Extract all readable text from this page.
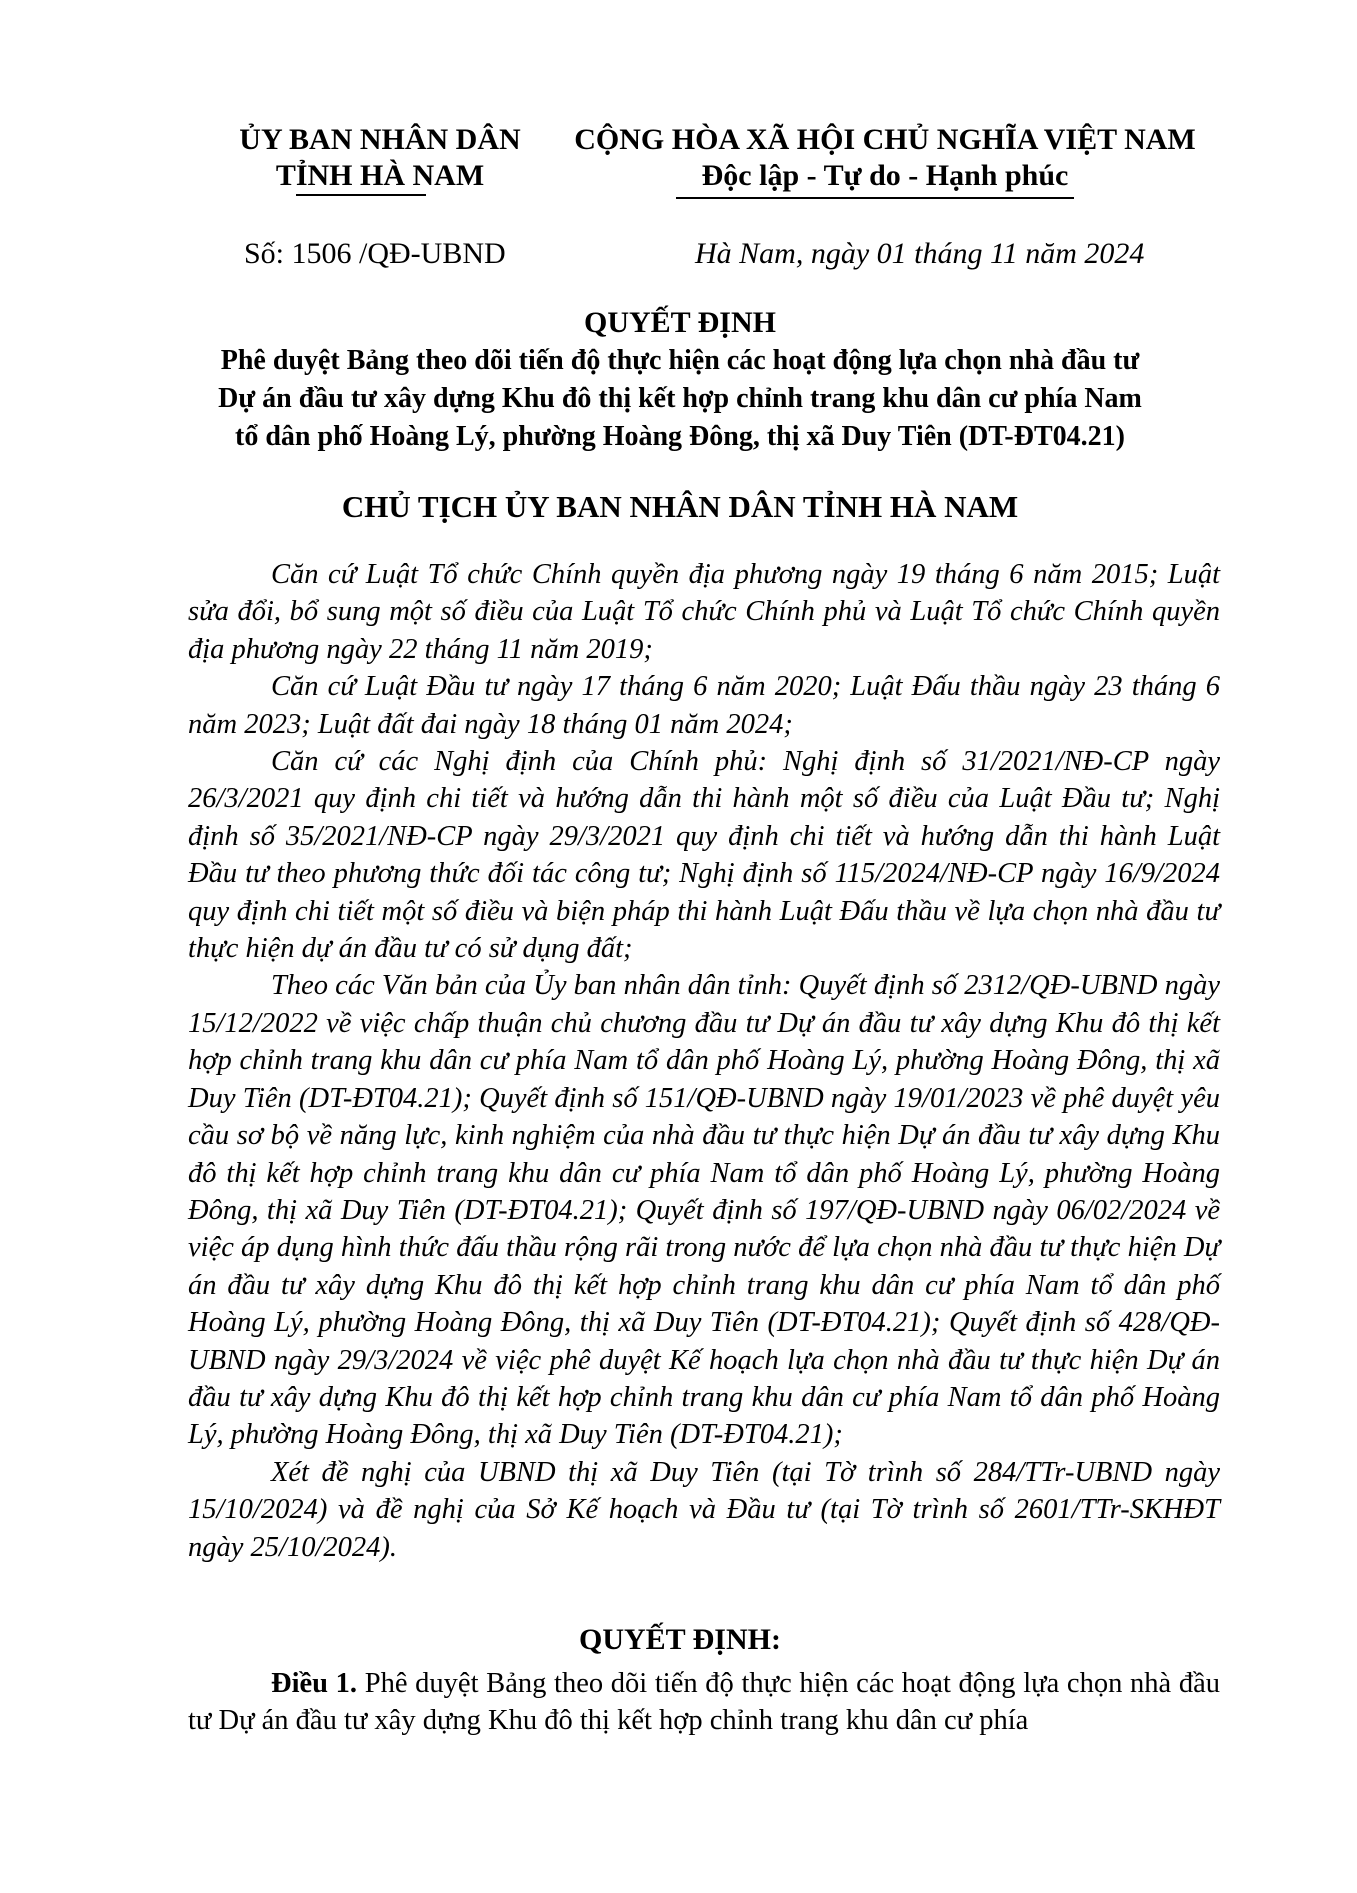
ỦY BAN NHÂN DÂN
TỈNH HÀ NAM
CỘNG HÒA XÃ HỘI CHỦ NGHĨA VIỆT NAM
Độc lập - Tự do - Hạnh phúc
Số: 1506 /QĐ-UBND	Hà Nam, ngày 01 tháng 11 năm 2024
QUYẾT ĐỊNH
Phê duyệt Bảng theo dõi tiến độ thực hiện các hoạt động lựa chọn nhà đầu tư
Dự án đầu tư xây dựng Khu đô thị kết hợp chỉnh trang khu dân cư phía Nam
tổ dân phố Hoàng Lý, phường Hoàng Đông, thị xã Duy Tiên (DT-ĐT04.21)
CHỦ TỊCH ỦY BAN NHÂN DÂN TỈNH HÀ NAM

Căn cứ Luật Tổ chức Chính quyền địa phương ngày 19 tháng 6 năm 2015; Luật sửa đổi, bổ sung một số điều của Luật Tổ chức Chính phủ và Luật Tổ chức Chính quyền địa phương ngày 22 tháng 11 năm 2019;

Căn cứ Luật Đầu tư ngày 17 tháng 6 năm 2020; Luật Đấu thầu ngày 23 tháng 6 năm 2023; Luật đất đai ngày 18 tháng 01 năm 2024;

Căn cứ các Nghị định của Chính phủ: Nghị định số 31/2021/NĐ-CP ngày 26/3/2021 quy định chi tiết và hướng dẫn thi hành một số điều của Luật Đầu tư; Nghị định số 35/2021/NĐ-CP ngày 29/3/2021 quy định chi tiết và hướng dẫn thi hành Luật Đầu tư theo phương thức đối tác công tư; Nghị định số 115/2024/NĐ-CP ngày 16/9/2024 quy định chi tiết một số điều và biện pháp thi hành Luật Đấu thầu về lựa chọn nhà đầu tư thực hiện dự án đầu tư có sử dụng đất;

Theo các Văn bản của Ủy ban nhân dân tỉnh: Quyết định số 2312/QĐ-UBND ngày 15/12/2022 về việc chấp thuận chủ chương đầu tư Dự án đầu tư xây dựng Khu đô thị kết hợp chỉnh trang khu dân cư phía Nam tổ dân phố Hoàng Lý, phường Hoàng Đông, thị xã Duy Tiên (DT-ĐT04.21); Quyết định số 151/QĐ-UBND ngày 19/01/2023 về phê duyệt yêu cầu sơ bộ về năng lực, kinh nghiệm của nhà đầu tư thực hiện Dự án đầu tư xây dựng Khu đô thị kết hợp chỉnh trang khu dân cư phía Nam tổ dân phố Hoàng Lý, phường Hoàng Đông, thị xã Duy Tiên (DT-ĐT04.21); Quyết định số 197/QĐ-UBND ngày 06/02/2024 về việc áp dụng hình thức đấu thầu rộng rãi trong nước để lựa chọn nhà đầu tư thực hiện Dự án đầu tư xây dựng Khu đô thị kết hợp chỉnh trang khu dân cư phía Nam tổ dân phố Hoàng Lý, phường Hoàng Đông, thị xã Duy Tiên (DT-ĐT04.21); Quyết định số 428/QĐ-UBND ngày 29/3/2024 về việc phê duyệt Kế hoạch lựa chọn nhà đầu tư thực hiện Dự án đầu tư xây dựng Khu đô thị kết hợp chỉnh trang khu dân cư phía Nam tổ dân phố Hoàng Lý, phường Hoàng Đông, thị xã Duy Tiên (DT-ĐT04.21);

Xét đề nghị của UBND thị xã Duy Tiên (tại Tờ trình số 284/TTr-UBND ngày 15/10/2024) và đề nghị của Sở Kế hoạch và Đầu tư (tại Tờ trình số 2601/TTr-SKHĐT ngày 25/10/2024).

QUYẾT ĐỊNH:
Điều 1. Phê duyệt Bảng theo dõi tiến độ thực hiện các hoạt động lựa chọn nhà đầu tư Dự án đầu tư xây dựng Khu đô thị kết hợp chỉnh trang khu dân cư phía
